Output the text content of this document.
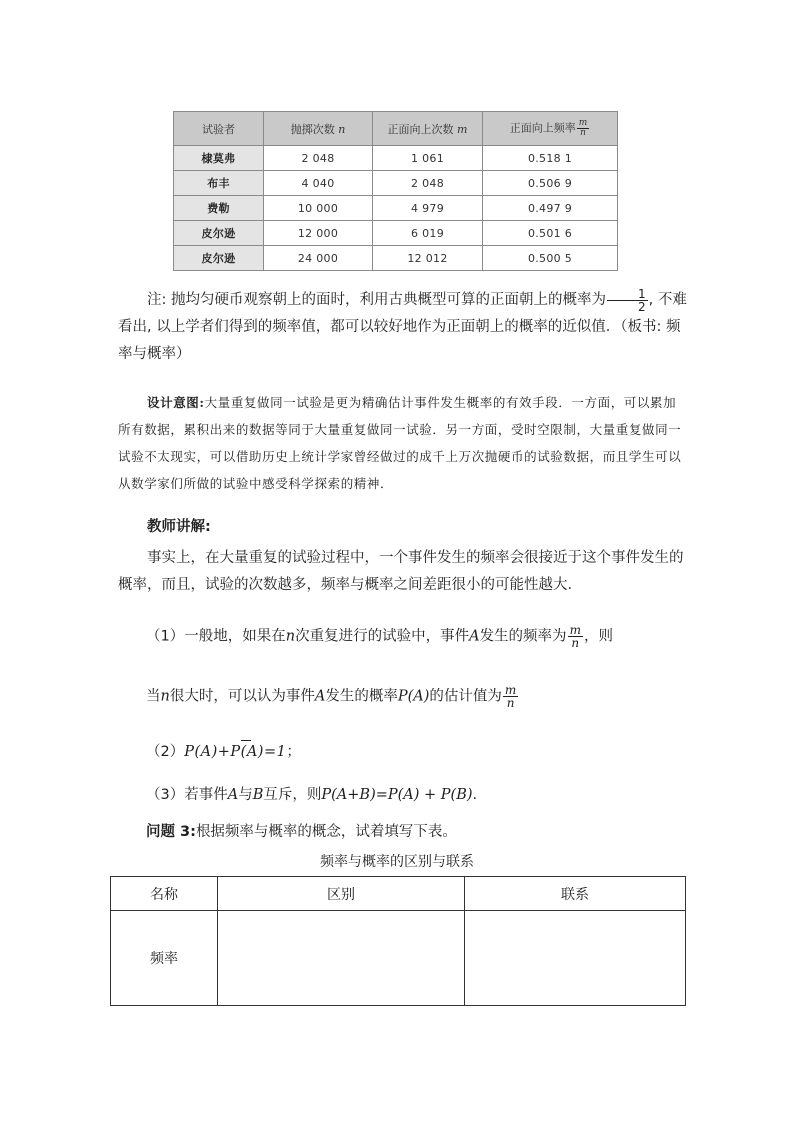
试验者	抛掷次数 n	正面向上次数 m	正面向上频率 $\frac{m}{n}$

棣莫弗	2 048	1 061	0.518 1
布丰	4 040	2 048	0.506 9
费勒	10 000	4 979	0.497 9
皮尔逊	12 000	6 019	0.501 6
皮尔逊	24 000	12 012	0.500 5
注: 抛均匀硬币观察朝上的面时，利用古典概型可算的正面朝上的概率为 $\frac{1}{2}$ , 不难看出, 以上学者们得到的频率值，都可以较好地作为正面朝上的概率的近似值．（板书: 频率与概率）
设计意图:大量重复做同一试验是更为精确估计事件发生概率的有效手段．一方面，可以累加所有数据，累积出来的数据等同于大量重复做同一试验．另一方面，受时空限制，大量重复做同一试验不太现实，可以借助历史上统计学家曾经做过的成千上万次抛硬币的试验数据，而且学生可以从数学家们所做的试验中感受科学探索的精神．
教师讲解:
事实上，在大量重复的试验过程中，一个事件发生的频率会很接近于这个事件发生的概率，而且，试验的次数越多，频率与概率之间差距很小的可能性越大．
（1）一般地，如果在n次重复进行的试验中，事件A发生的频率为 $\frac{m}{n}$ ，则
当n很大时，可以认为事件A发生的概率P(A)的估计值为 $\frac{m}{n}$
（2）P(A)+P(A)=1；
（3）若事件A与B互斥，则P(A+B)=P(A) + P(B).
问题 3:根据频率与概率的概念，试着填写下表。
频率与概率的区别与联系
名称	区别	联系
频率		
